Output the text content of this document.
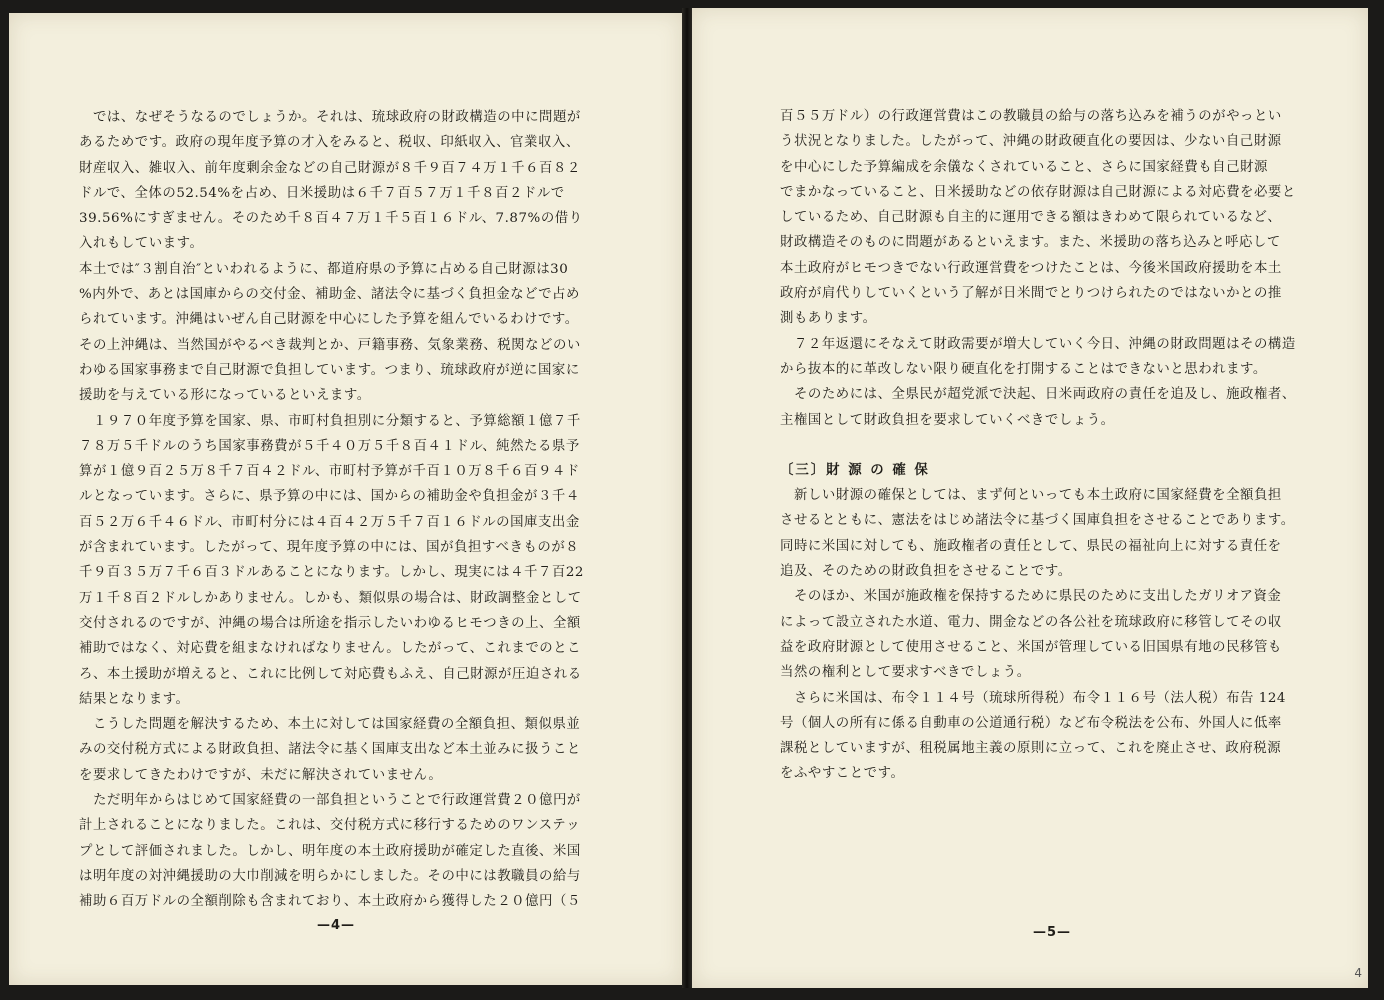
　では、なぜそうなるのでしょうか。それは、琉球政府の財政構造の中に問題が
あるためです。政府の現年度予算の才入をみると、税収、印紙収入、官業収入、
財産収入、雑収入、前年度剰余金などの自己財源が８千９百７４万１千６百８２
ドルで、全体の52.54%を占め、日米援助は６千７百５７万１千８百２ドルで
39.56%にすぎません。そのため千８百４７万１千５百１６ドル、7.87%の借り
入れもしています。
本土では″３割自治″といわれるように、都道府県の予算に占める自己財源は30
%内外で、あとは国庫からの交付金、補助金、諸法令に基づく負担金などで占め
られています。沖縄はいぜん自己財源を中心にした予算を組んでいるわけです。
その上沖縄は、当然国がやるべき裁判とか、戸籍事務、気象業務、税関などのい
わゆる国家事務まで自己財源で負担しています。つまり、琉球政府が逆に国家に
援助を与えている形になっているといえます。
　１９７０年度予算を国家、県、市町村負担別に分類すると、予算総額１億７千
７８万５千ドルのうち国家事務費が５千４０万５千８百４１ドル、純然たる県予
算が１億９百２５万８千７百４２ドル、市町村予算が千百１０万８千６百９４ド
ルとなっています。さらに、県予算の中には、国からの補助金や負担金が３千４
百５２万６千４６ドル、市町村分には４百４２万５千７百１６ドルの国庫支出金
が含まれています。したがって、現年度予算の中には、国が負担すべきものが８
千９百３５万７千６百３ドルあることになります。しかし、現実には４千７百22
万１千８百２ドルしかありません。しかも、類似県の場合は、財政調整金として
交付されるのですが、沖縄の場合は所途を指示したいわゆるヒモつきの上、全額
補助ではなく、対応費を組まなければなりません。したがって、これまでのとこ
ろ、本土援助が増えると、これに比例して対応費もふえ、自己財源が圧迫される
結果となります。
　こうした問題を解決するため、本土に対しては国家経費の全額負担、類似県並
みの交付税方式による財政負担、諸法令に基く国庫支出など本土並みに扱うこと
を要求してきたわけですが、未だに解決されていません。
　ただ明年からはじめて国家経費の一部負担ということで行政運営費２０億円が
計上されることになりました。これは、交付税方式に移行するためのワンステッ
プとして評価されました。しかし、明年度の本土政府援助が確定した直後、米国
は明年度の対沖縄援助の大巾削減を明らかにしました。その中には教職員の給与
補助６百万ドルの全額削除も含まれており、本土政府から獲得した２０億円（５
—4—
百５５万ドル）の行政運営費はこの教職員の給与の落ち込みを補うのがやっとい
う状況となりました。したがって、沖縄の財政硬直化の要因は、少ない自己財源
を中心にした予算編成を余儀なくされていること、さらに国家経費も自己財源
でまかなっていること、日米援助などの依存財源は自己財源による対応費を必要と
しているため、自己財源も自主的に運用できる額はきわめて限られているなど、
財政構造そのものに問題があるといえます。また、米援助の落ち込みと呼応して
本土政府がヒモつきでない行政運営費をつけたことは、今後米国政府援助を本土
政府が肩代りしていくという了解が日米間でとりつけられたのではないかとの推
測もあります。
　７２年返還にそなえて財政需要が増大していく今日、沖縄の財政問題はその構造
から抜本的に革改しない限り硬直化を打開することはできないと思われます。
　そのためには、全県民が超党派で決起、日米両政府の責任を追及し、施政権者、
主権国として財政負担を要求していくべきでしょう。
〔三〕財 源 の 確 保
　新しい財源の確保としては、まず何といっても本土政府に国家経費を全額負担
させるとともに、憲法をはじめ諸法令に基づく国庫負担をさせることであります。
同時に米国に対しても、施政権者の責任として、県民の福祉向上に対する責任を
追及、そのための財政負担をさせることです。
　そのほか、米国が施政権を保持するために県民のために支出したガリオア資金
によって設立された水道、電力、開金などの各公社を琉球政府に移管してその収
益を政府財源として使用させること、米国が管理している旧国県有地の民移管も
当然の権利として要求すべきでしょう。
　さらに米国は、布令１１４号（琉球所得税）布令１１６号（法人税）布告 124
号（個人の所有に係る自動車の公道通行税）など布令税法を公布、外国人に低率
課税としていますが、租税属地主義の原則に立って、これを廃止させ、政府税源
をふやすことです。
—5—
4
